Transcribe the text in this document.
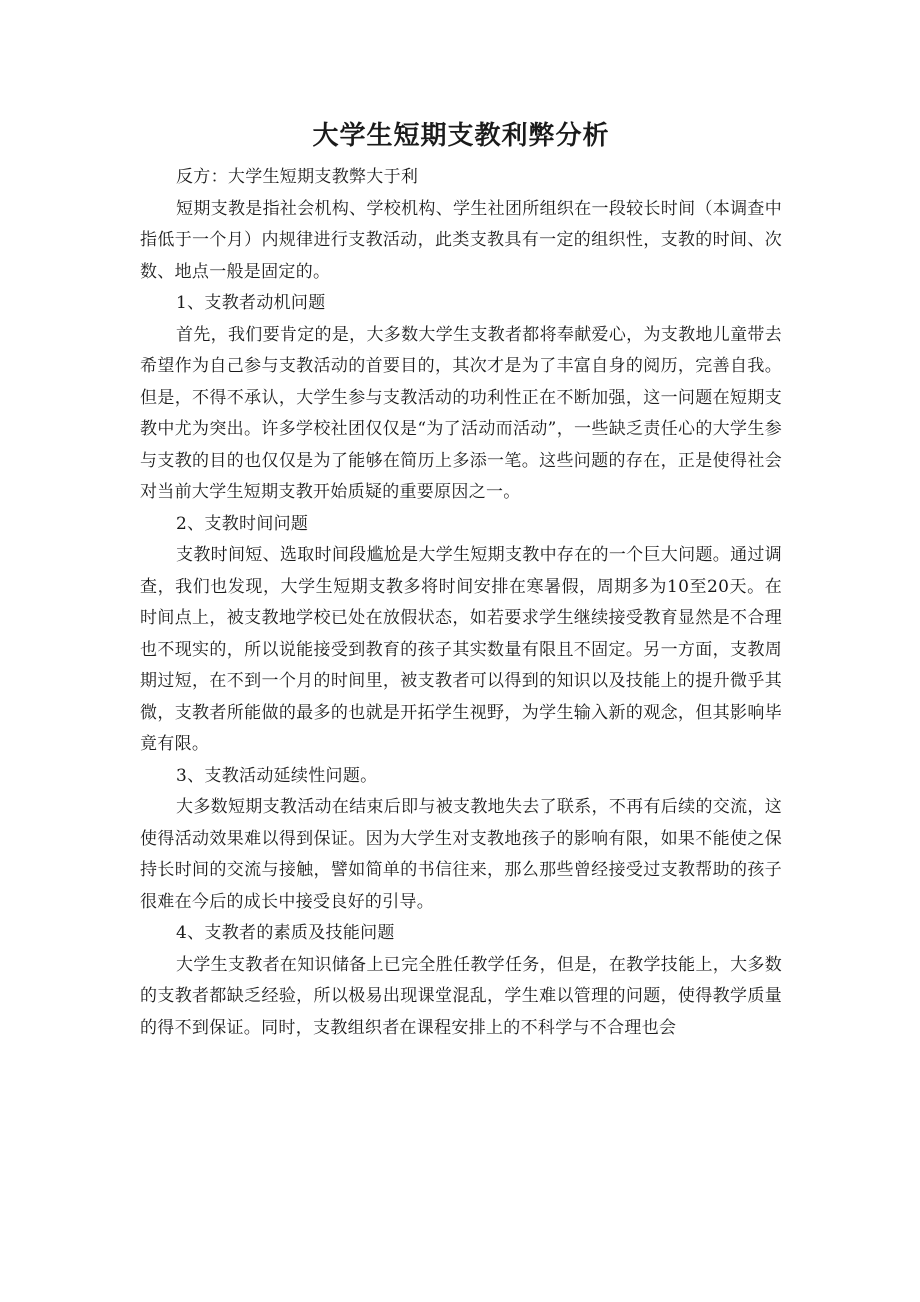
大学生短期支教利弊分析

反方：大学生短期支教弊大于利

短期支教是指社会机构、学校机构、学生社团所组织在一段较长时间（本调查中指低于一个月）内规律进行支教活动，此类支教具有一定的组织性，支教的时间、次数、地点一般是固定的。

1、支教者动机问题

首先，我们要肯定的是，大多数大学生支教者都将奉献爱心，为支教地儿童带去希望作为自己参与支教活动的首要目的，其次才是为了丰富自身的阅历，完善自我。但是，不得不承认，大学生参与支教活动的功利性正在不断加强，这一问题在短期支教中尤为突出。许多学校社团仅仅是“为了活动而活动”，一些缺乏责任心的大学生参与支教的目的也仅仅是为了能够在简历上多添一笔。这些问题的存在，正是使得社会对当前大学生短期支教开始质疑的重要原因之一。

2、支教时间问题

支教时间短、选取时间段尴尬是大学生短期支教中存在的一个巨大问题。通过调查，我们也发现，大学生短期支教多将时间安排在寒暑假，周期多为10至20天。在时间点上，被支教地学校已处在放假状态，如若要求学生继续接受教育显然是不合理也不现实的，所以说能接受到教育的孩子其实数量有限且不固定。另一方面，支教周期过短，在不到一个月的时间里，被支教者可以得到的知识以及技能上的提升微乎其微，支教者所能做的最多的也就是开拓学生视野，为学生输入新的观念，但其影响毕竟有限。

3、支教活动延续性问题。

大多数短期支教活动在结束后即与被支教地失去了联系，不再有后续的交流，这使得活动效果难以得到保证。因为大学生对支教地孩子的影响有限，如果不能使之保持长时间的交流与接触，譬如简单的书信往来，那么那些曾经接受过支教帮助的孩子很难在今后的成长中接受良好的引导。

4、支教者的素质及技能问题

大学生支教者在知识储备上已完全胜任教学任务，但是，在教学技能上，大多数的支教者都缺乏经验，所以极易出现课堂混乱，学生难以管理的问题，使得教学质量的得不到保证。同时，支教组织者在课程安排上的不科学与不合理也会
